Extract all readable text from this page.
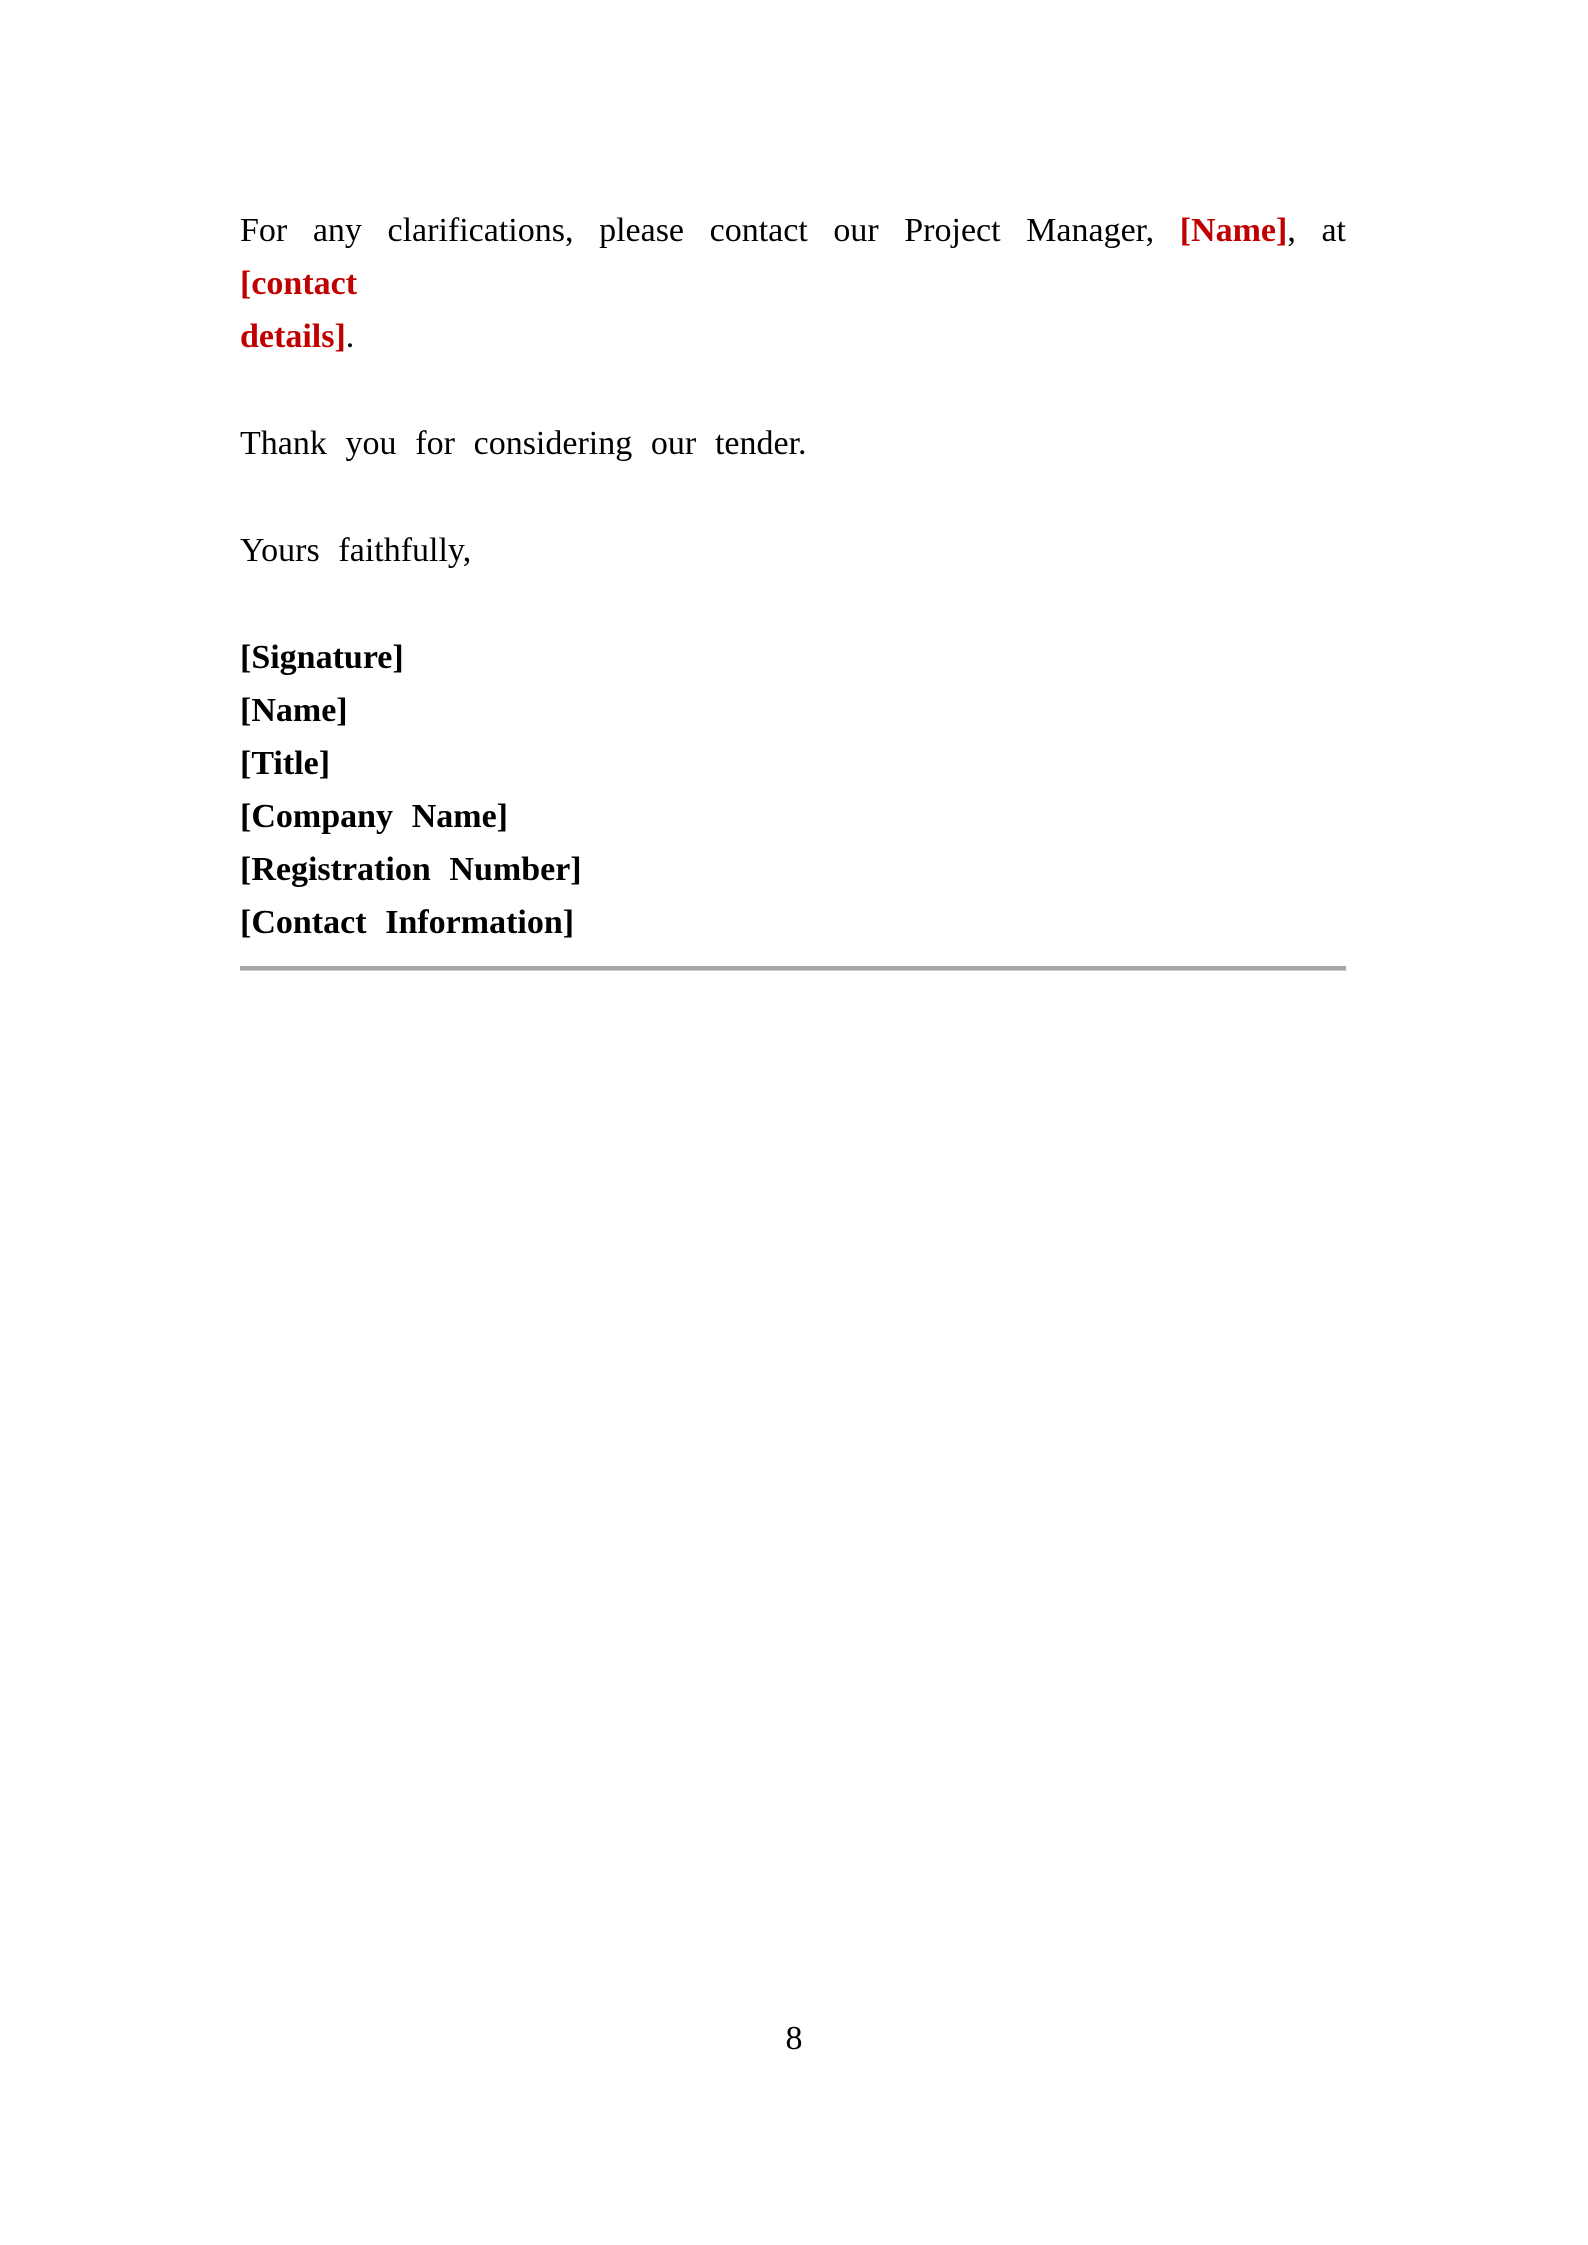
For any clarifications, please contact our Project Manager, [Name], at [contact
details].
Thank you for considering our tender.
Yours faithfully,
[Signature]
[Name]
[Title]
[Company Name]
[Registration Number]
[Contact Information]
8
